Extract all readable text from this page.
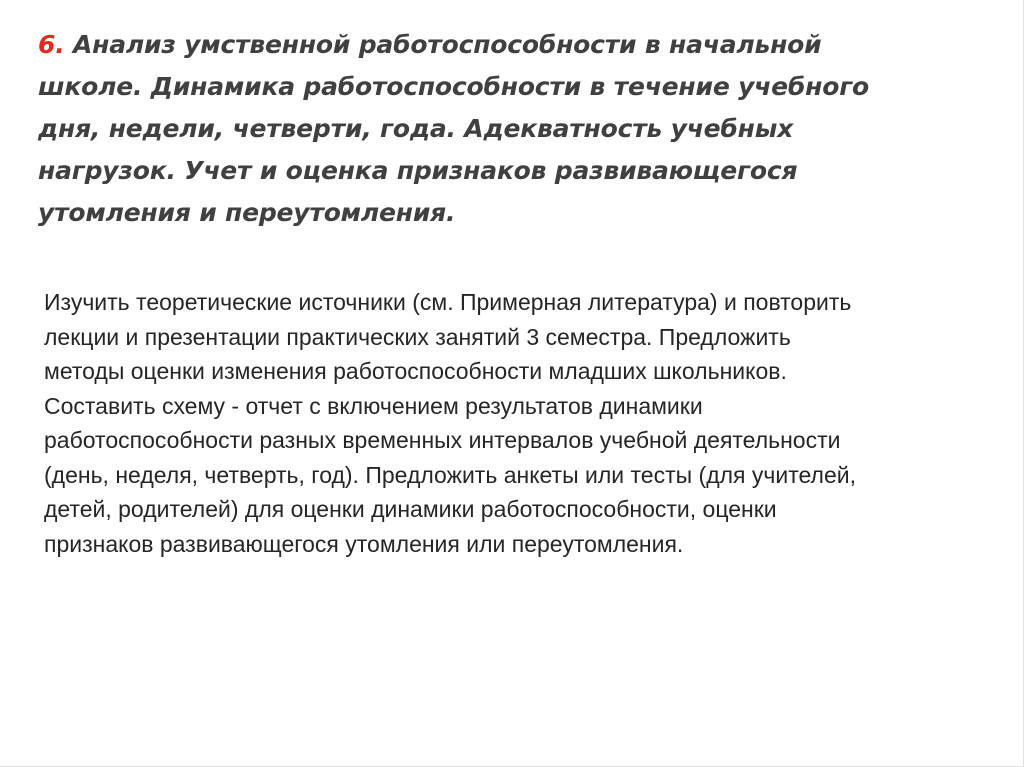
6. Анализ умственной работоспособности в начальной
школе. Динамика работоспособности в течение учебного
дня, недели, четверти, года. Адекватность учебных
нагрузок. Учет и оценка признаков развивающегося
утомления и переутомления.

Изучить теоретические источники (см. Примерная литература) и повторить
лекции и презентации практических занятий 3 семестра. Предложить
методы оценки изменения работоспособности младших школьников.
Составить схему - отчет с включением результатов динамики
работоспособности разных временных интервалов учебной деятельности
(день, неделя, четверть, год). Предложить анкеты или тесты (для учителей,
детей, родителей) для оценки динамики работоспособности, оценки
признаков развивающегося утомления или переутомления.
